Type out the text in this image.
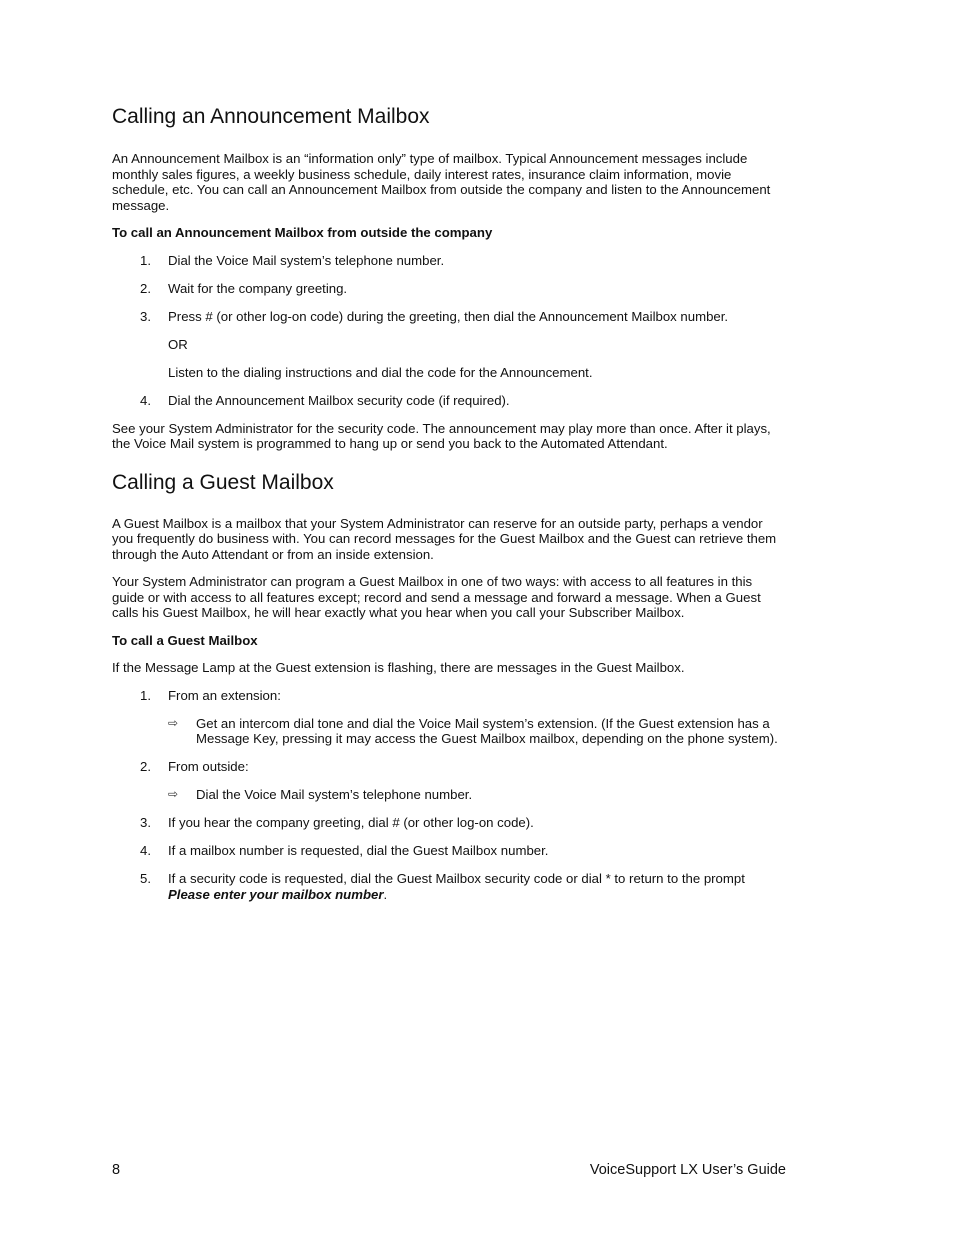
Calling an Announcement Mailbox

An Announcement Mailbox is an “information only” type of mailbox. Typical Announcement messages include monthly sales figures, a weekly business schedule, daily interest rates, insurance claim information, movie schedule, etc. You can call an Announcement Mailbox from outside the company and listen to the Announcement message.

To call an Announcement Mailbox from outside the company

1. Dial the Voice Mail system’s telephone number.
2. Wait for the company greeting.
3. Press # (or other log-on code) during the greeting, then dial the Announcement Mailbox number.
OR
Listen to the dialing instructions and dial the code for the Announcement.
4. Dial the Announcement Mailbox security code (if required).

See your System Administrator for the security code. The announcement may play more than once. After it plays, the Voice Mail system is programmed to hang up or send you back to the Automated Attendant.

Calling a Guest Mailbox

A Guest Mailbox is a mailbox that your System Administrator can reserve for an outside party, perhaps a vendor you frequently do business with. You can record messages for the Guest Mailbox and the Guest can retrieve them through the Auto Attendant or from an inside extension.

Your System Administrator can program a Guest Mailbox in one of two ways: with access to all features in this guide or with access to all features except; record and send a message and forward a message. When a Guest calls his Guest Mailbox, he will hear exactly what you hear when you call your Subscriber Mailbox.

To call a Guest Mailbox

If the Message Lamp at the Guest extension is flashing, there are messages in the Guest Mailbox.

1. From an extension:
⇨ Get an intercom dial tone and dial the Voice Mail system’s extension. (If the Guest extension has a Message Key, pressing it may access the Guest Mailbox mailbox, depending on the phone system).
2. From outside:
⇨ Dial the Voice Mail system’s telephone number.
3. If you hear the company greeting, dial # (or other log-on code).
4. If a mailbox number is requested, dial the Guest Mailbox number.
5. If a security code is requested, dial the Guest Mailbox security code or dial * to return to the prompt Please enter your mailbox number.
8	VoiceSupport LX User’s Guide
